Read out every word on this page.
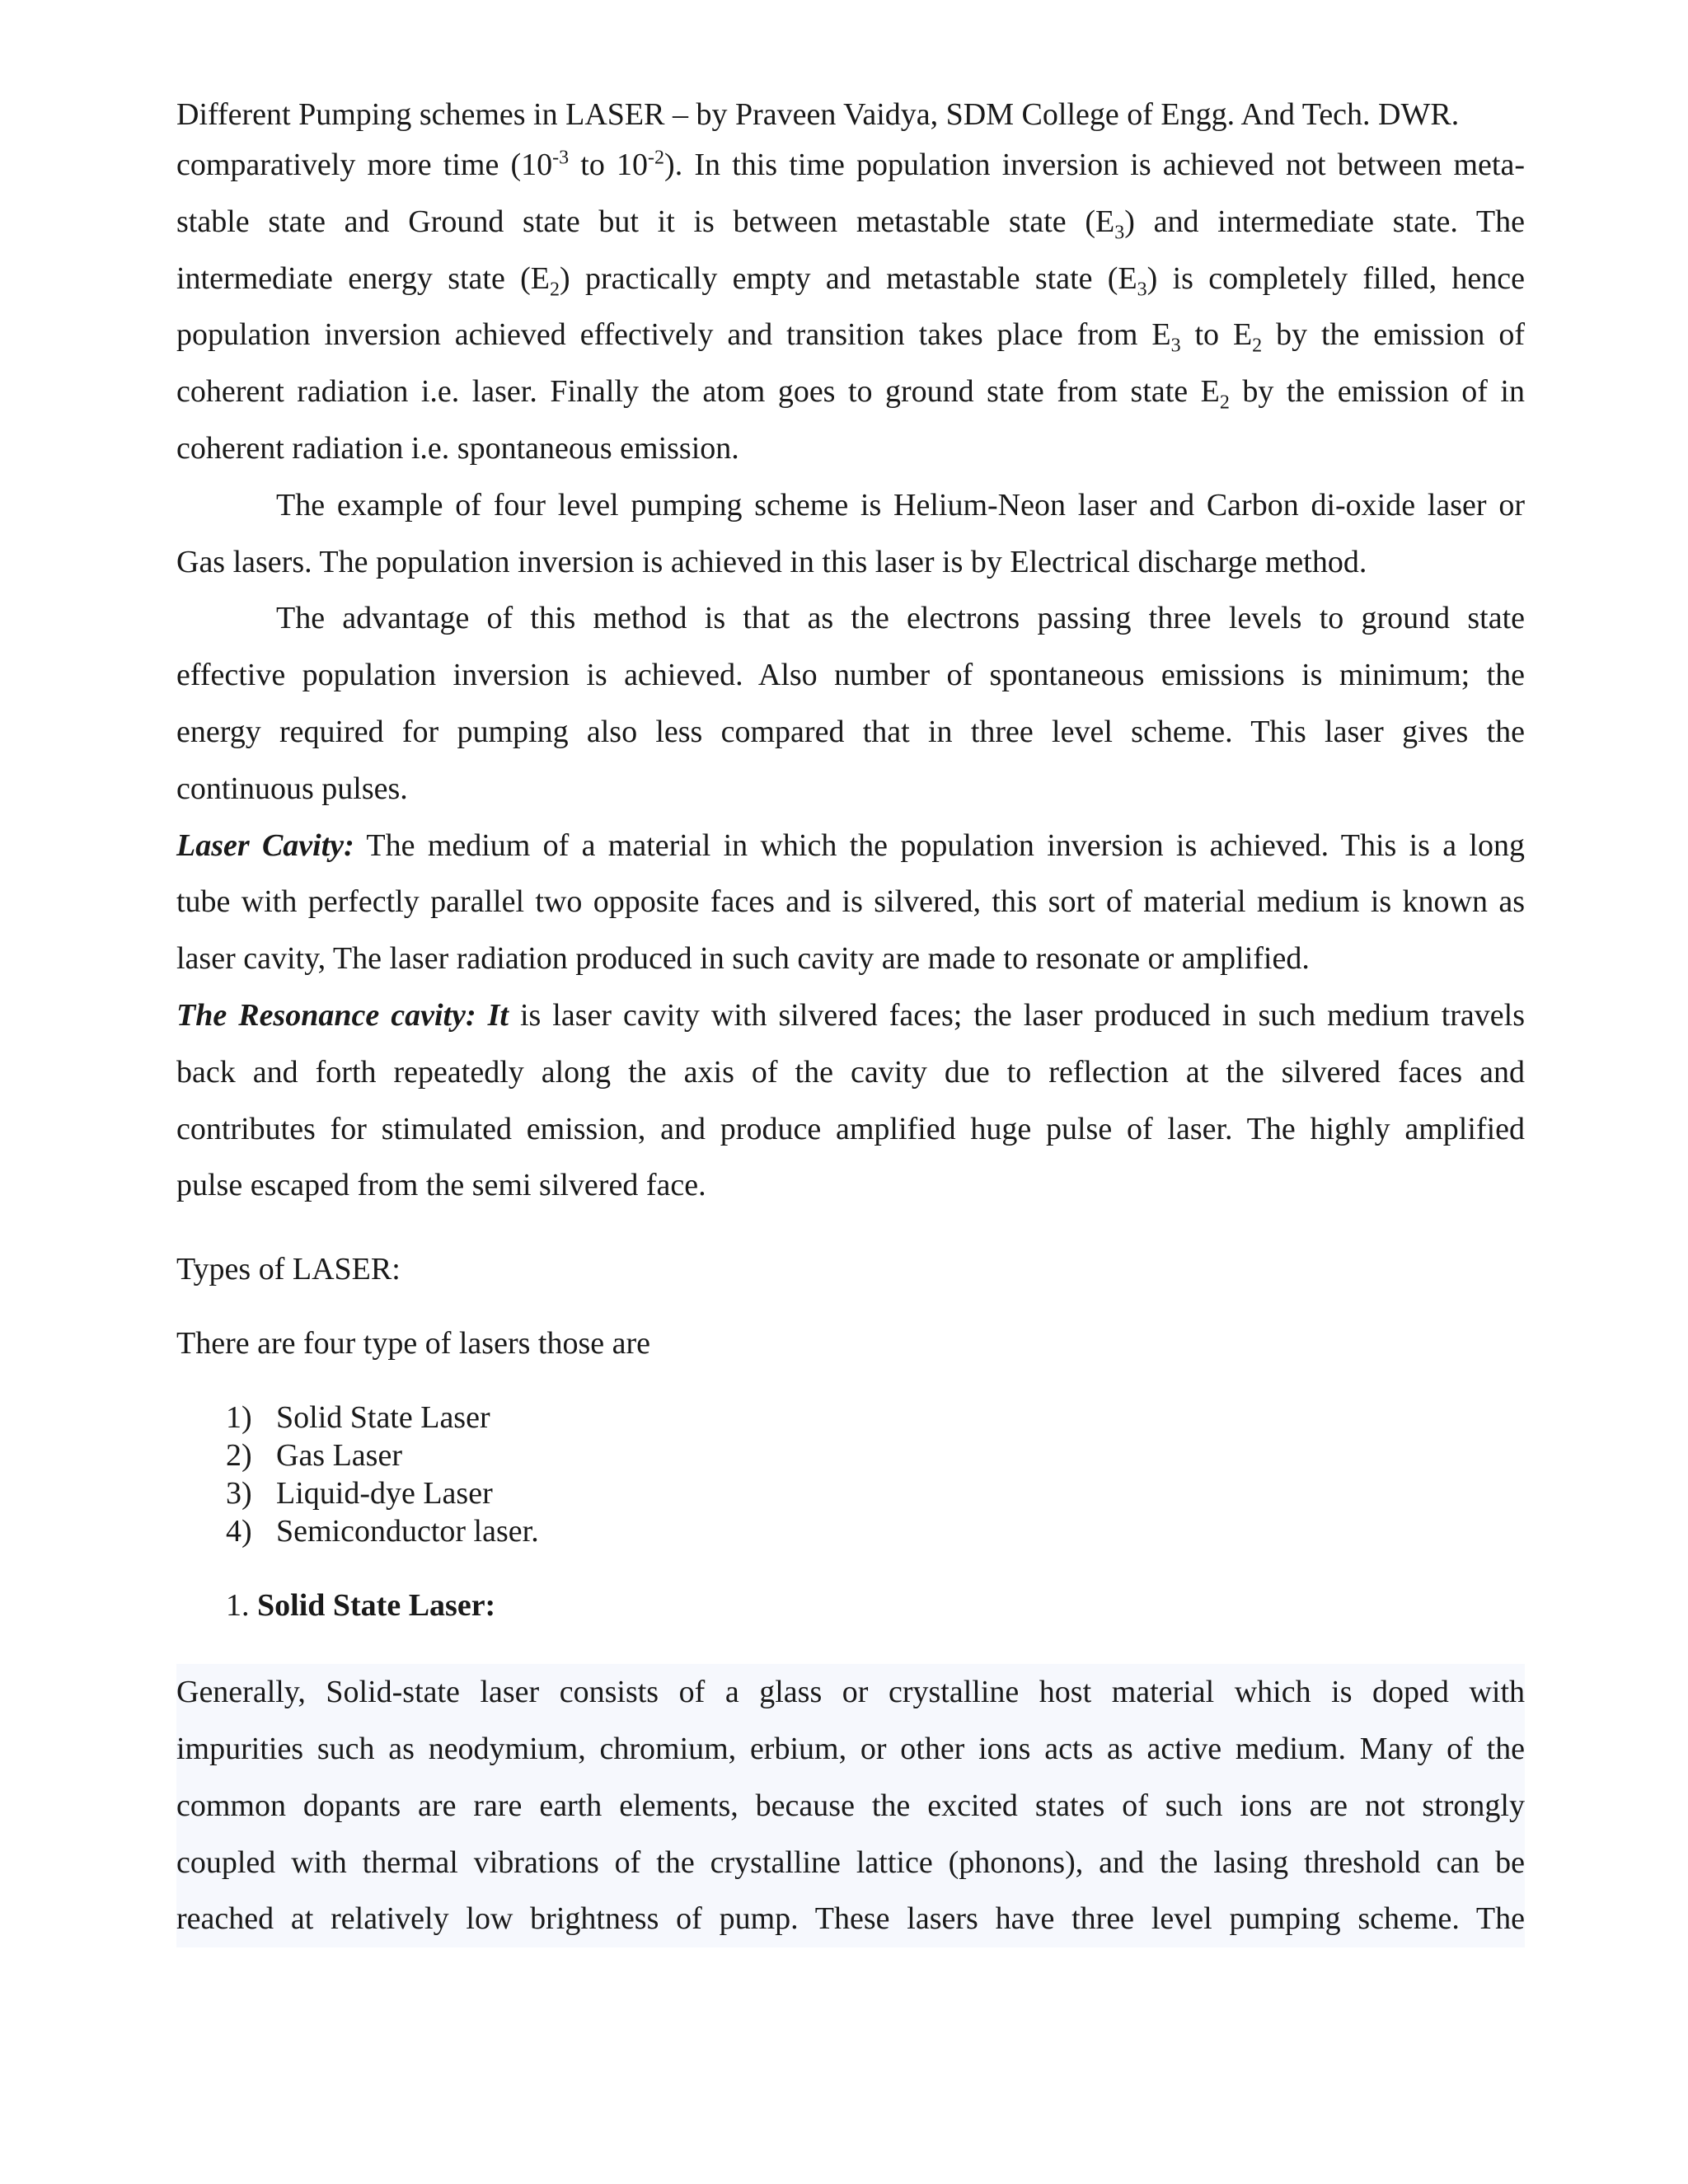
Different Pumping schemes in LASER – by Praveen Vaidya, SDM College of Engg. And Tech. DWR.
comparatively more time ($10^{-3}$ to $10^{-2}$). In this time population inversion is achieved not between meta-
stable state and Ground state but it is between metastable state $(E_3)$ and intermediate state. The
intermediate energy state $(E_2)$ practically empty and metastable state $(E_3)$ is completely filled, hence
population inversion achieved effectively and transition takes place from $E_3$ to $E_2$ by the emission of
coherent radiation i.e. laser. Finally the atom goes to ground state from state $E_2$ by the emission of in
coherent radiation i.e. spontaneous emission.
The example of four level pumping scheme is Helium-Neon laser and Carbon di-oxide laser or
Gas lasers. The population inversion is achieved in this laser is by Electrical discharge method.
The advantage of this method is that as the electrons passing three levels to ground state
effective population inversion is achieved. Also number of spontaneous emissions is minimum; the
energy required for pumping also less compared that in three level scheme. This laser gives the
continuous pulses.
Laser Cavity: The medium of a material in which the population inversion is achieved. This is a long
tube with perfectly parallel two opposite faces and is silvered, this sort of material medium is known as
laser cavity, The laser radiation produced in such cavity are made to resonate or amplified.
The Resonance cavity: It is laser cavity with silvered faces; the laser produced in such medium travels
back and forth repeatedly along the axis of the cavity due to reflection at the silvered faces and
contributes for stimulated emission, and produce amplified huge pulse of laser. The highly amplified
pulse escaped from the semi silvered face.
Types of LASER:
There are four type of lasers those are
1) Solid State Laser
2) Gas Laser
3) Liquid-dye Laser
4) Semiconductor laser.
1. Solid State Laser:
Generally, Solid-state laser consists of a glass or crystalline host material which is doped with
impurities such as neodymium, chromium, erbium, or other ions acts as active medium. Many of the
common dopants are rare earth elements, because the excited states of such ions are not strongly
coupled with thermal vibrations of the crystalline lattice (phonons), and the lasing threshold can be
reached at relatively low brightness of pump. These lasers have three level pumping scheme. The
